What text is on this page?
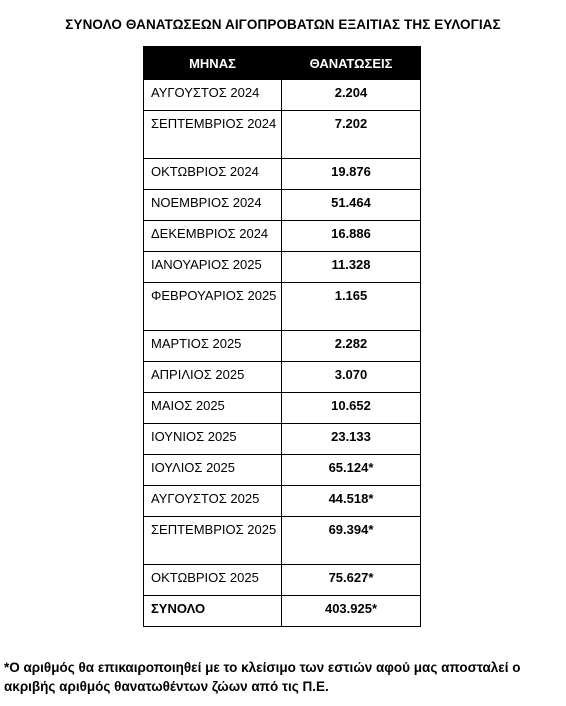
ΣΥΝΟΛΟ ΘΑΝΑΤΩΣΕΩΝ ΑΙΓΟΠΡΟΒΑΤΩΝ ΕΞΑΙΤΙΑΣ ΤΗΣ ΕΥΛΟΓΙΑΣ
ΜΗΝΑΣ	ΘΑΝΑΤΩΣΕΙΣ
ΑΥΓΟΥΣΤΟΣ 2024	2.204
ΣΕΠΤΕΜΒΡΙΟΣ 2024	7.202
ΟΚΤΩΒΡΙΟΣ 2024	19.876
ΝΟΕΜΒΡΙΟΣ 2024	51.464
ΔΕΚΕΜΒΡΙΟΣ 2024	16.886
ΙΑΝΟΥΑΡΙΟΣ 2025	11.328
ΦΕΒΡΟΥΑΡΙΟΣ 2025	1.165
ΜΑΡΤΙΟΣ 2025	2.282
ΑΠΡΙΛΙΟΣ 2025	3.070
ΜΑΙΟΣ 2025	10.652
ΙΟΥΝΙΟΣ 2025	23.133
ΙΟΥΛΙΟΣ 2025	65.124*
ΑΥΓΟΥΣΤΟΣ 2025	44.518*
ΣΕΠΤΕΜΒΡΙΟΣ 2025	69.394*
ΟΚΤΩΒΡΙΟΣ 2025	75.627*
ΣΥΝΟΛΟ	403.925*
*Ο αριθμός θα επικαιροποιηθεί με το κλείσιμο των εστιών αφού μας αποσταλεί ο ακριβής αριθμός θανατωθέντων ζώων από τις Π.Ε.
